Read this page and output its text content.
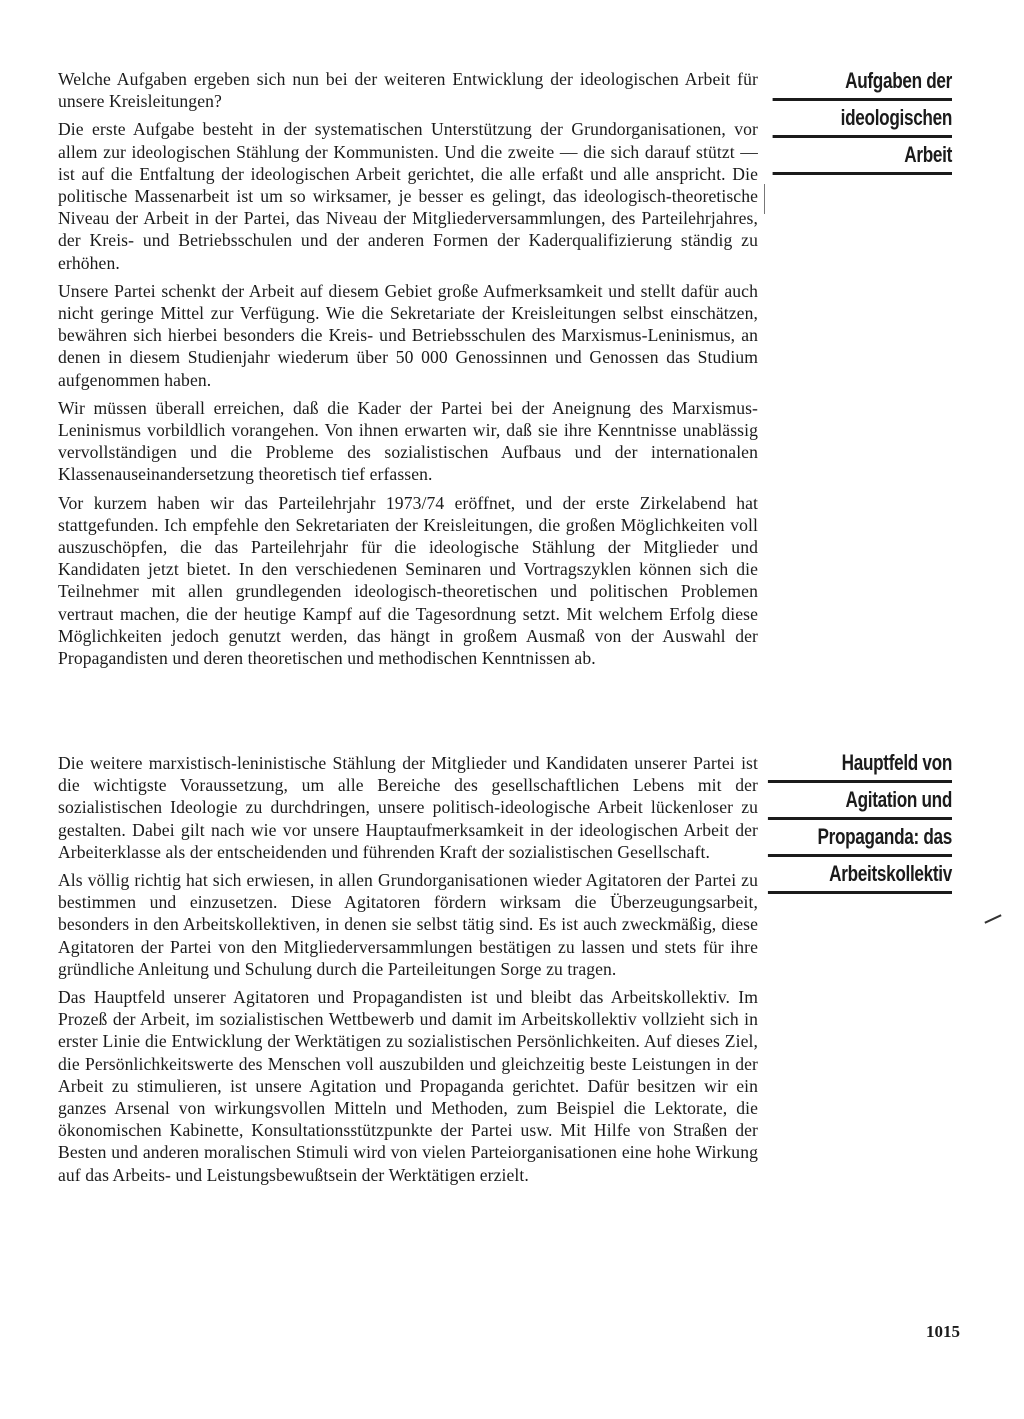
Aufgaben der
ideologischen
Arbeit

Welche Aufgaben ergeben sich nun bei der weiteren Entwicklung der ideologischen Arbeit für unsere Kreisleitungen?

Die erste Aufgabe besteht in der systematischen Unterstützung der Grundorganisationen, vor allem zur ideologischen Stählung der Kommunisten. Und die zweite — die sich darauf stützt — ist auf die Entfaltung der ideologischen Arbeit gerichtet, die alle erfaßt und alle anspricht. Die politische Massenarbeit ist um so wirksamer, je besser es gelingt, das ideologisch-theoretische Niveau der Arbeit in der Partei, das Niveau der Mitgliederversammlungen, des Parteilehrjahres, der Kreis- und Betriebsschulen und der anderen Formen der Kaderqualifizierung ständig zu erhöhen.

Unsere Partei schenkt der Arbeit auf diesem Gebiet große Aufmerksamkeit und stellt dafür auch nicht geringe Mittel zur Verfügung. Wie die Sekretariate der Kreisleitungen selbst einschätzen, bewähren sich hierbei besonders die Kreis- und Betriebsschulen des Marxismus-Leninismus, an denen in diesem Studienjahr wiederum über 50 000 Genossinnen und Genossen das Studium aufgenommen haben.

Wir müssen überall erreichen, daß die Kader der Partei bei der Aneignung des Marxismus-Leninismus vorbildlich vorangehen. Von ihnen erwarten wir, daß sie ihre Kenntnisse unablässig vervollständigen und die Probleme des sozialistischen Aufbaus und der internationalen Klassenauseinandersetzung theoretisch tief erfassen.

Vor kurzem haben wir das Parteilehrjahr 1973/74 eröffnet, und der erste Zirkelabend hat stattgefunden. Ich empfehle den Sekretariaten der Kreisleitungen, die großen Möglichkeiten voll auszuschöpfen, die das Parteilehrjahr für die ideologische Stählung der Mitglieder und Kandidaten jetzt bietet. In den verschiedenen Seminaren und Vortragszyklen können sich die Teilnehmer mit allen grundlegenden ideologisch-theoretischen und politischen Problemen vertraut machen, die der heutige Kampf auf die Tagesordnung setzt. Mit welchem Erfolg diese Möglichkeiten jedoch genutzt werden, das hängt in großem Ausmaß von der Auswahl der Propagandisten und deren theoretischen und methodischen Kenntnissen ab.

Hauptfeld von
Agitation und
Propaganda: das
Arbeitskollektiv

Die weitere marxistisch-leninistische Stählung der Mitglieder und Kandidaten unserer Partei ist die wichtigste Voraussetzung, um alle Bereiche des gesellschaftlichen Lebens mit der sozialistischen Ideologie zu durchdringen, unsere politisch-ideologische Arbeit lückenloser zu gestalten. Dabei gilt nach wie vor unsere Hauptaufmerksamkeit in der ideologischen Arbeit der Arbeiterklasse als der entscheidenden und führenden Kraft der sozialistischen Gesellschaft.

Als völlig richtig hat sich erwiesen, in allen Grundorganisationen wieder Agitatoren der Partei zu bestimmen und einzusetzen. Diese Agitatoren fördern wirksam die Überzeugungsarbeit, besonders in den Arbeitskollektiven, in denen sie selbst tätig sind. Es ist auch zweckmäßig, diese Agitatoren der Partei von den Mitgliederversammlungen bestätigen zu lassen und stets für ihre gründliche Anleitung und Schulung durch die Parteileitungen Sorge zu tragen.

Das Hauptfeld unserer Agitatoren und Propagandisten ist und bleibt das Arbeitskollektiv. Im Prozeß der Arbeit, im sozialistischen Wettbewerb und damit im Arbeitskollektiv vollzieht sich in erster Linie die Entwicklung der Werktätigen zu sozialistischen Persönlichkeiten. Auf dieses Ziel, die Persönlichkeitswerte des Menschen voll auszubilden und gleichzeitig beste Leistungen in der Arbeit zu stimulieren, ist unsere Agitation und Propaganda gerichtet. Dafür besitzen wir ein ganzes Arsenal von wirkungsvollen Mitteln und Methoden, zum Beispiel die Lektorate, die ökonomischen Kabinette, Konsultationsstützpunkte der Partei usw. Mit Hilfe von Straßen der Besten und anderen moralischen Stimuli wird von vielen Parteiorganisationen eine hohe Wirkung auf das Arbeits- und Leistungsbewußtsein der Werktätigen erzielt.

1015
